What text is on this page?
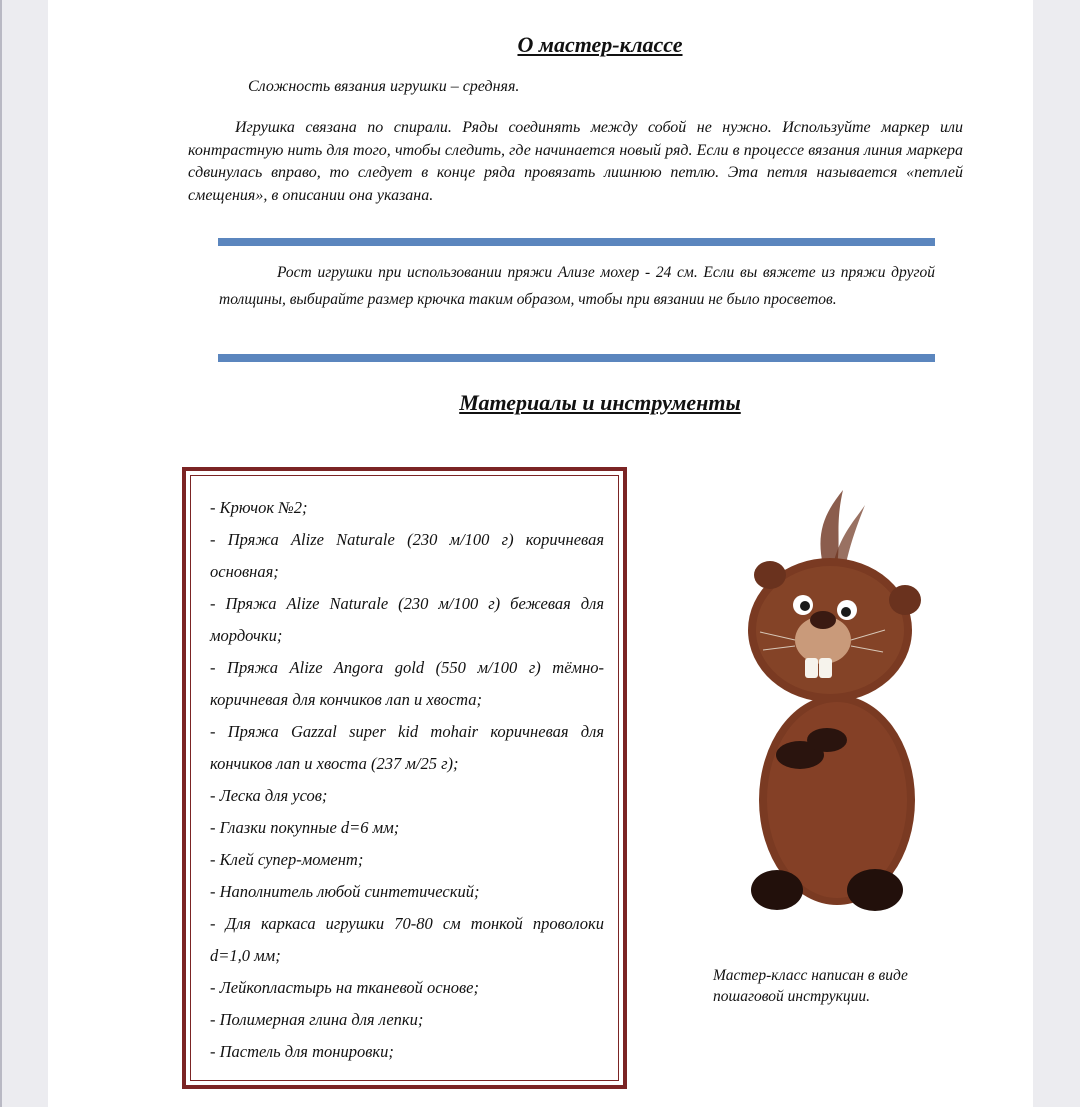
О мастер-классе
Сложность вязания игрушки – средняя.
Игрушка связана по спирали. Ряды соединять между собой не нужно. Используйте маркер или контрастную нить для того, чтобы следить, где начинается новый ряд. Если в процессе вязания линия маркера сдвинулась вправо, то следует в конце ряда провязать лишнюю петлю. Эта петля называется «петлей смещения», в описании она указана.
Рост игрушки при использовании пряжи Ализе мохер - 24 см. Если вы вяжете из пряжи другой толщины, выбирайте размер крючка таким образом, чтобы при вязании не было просветов.
Материалы и инструменты
- Крючок №2;
- Пряжа Alize Naturale (230 м/100 г) коричневая основная;
- Пряжа Alize Naturale (230 м/100 г) бежевая для мордочки;
- Пряжа Alize Angora gold (550 м/100 г) тёмно-коричневая для кончиков лап и хвоста;
- Пряжа Gazzal super kid mohair коричневая для кончиков лап и хвоста (237 м/25 г);
- Леска для усов;
- Глазки покупные d=6 мм;
- Клей супер-момент;
- Наполнитель любой синтетический;
- Для каркаса игрушки 70-80 см тонкой проволоки d=1,0 мм;
- Лейкопластырь на тканевой основе;
- Полимерная глина для лепки;
- Пастель для тонировки;
Мастер-класс написан в виде пошаговой инструкции.
